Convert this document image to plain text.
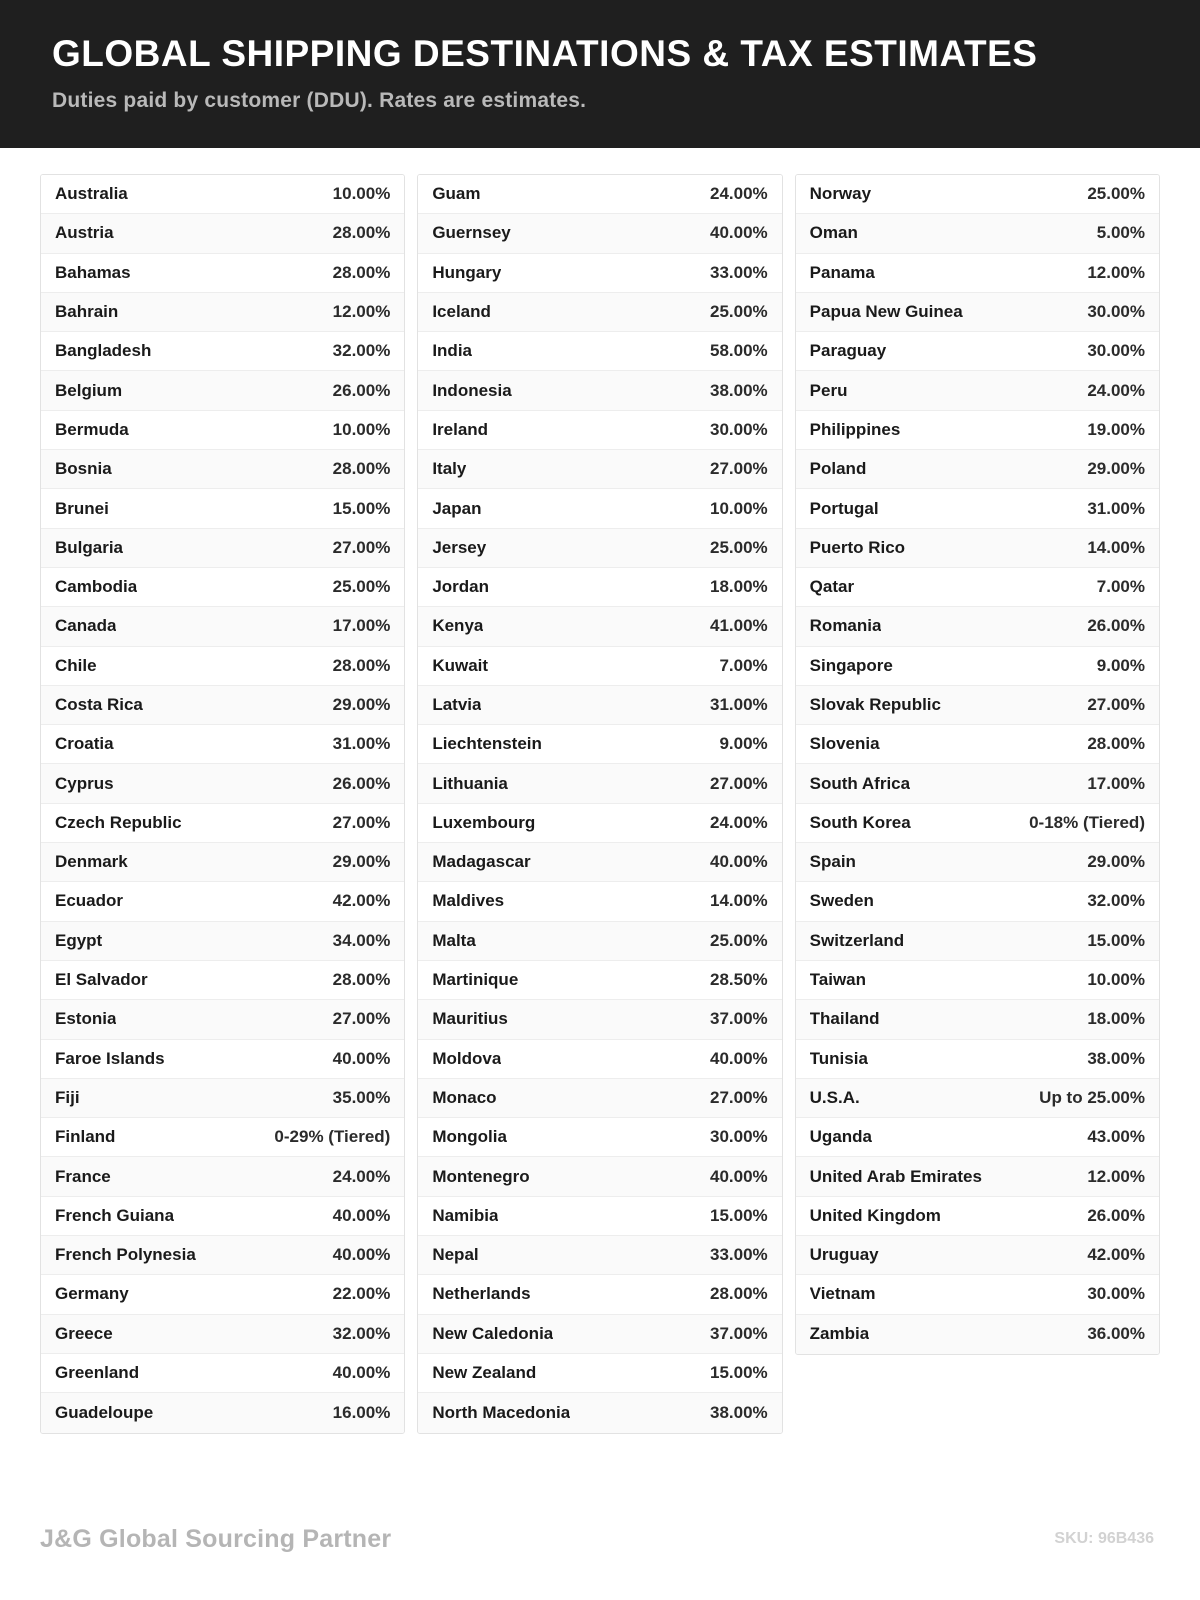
GLOBAL SHIPPING DESTINATIONS & TAX ESTIMATES
Duties paid by customer (DDU). Rates are estimates.
Australia	10.00%
Austria	28.00%
Bahamas	28.00%
Bahrain	12.00%
Bangladesh	32.00%
Belgium	26.00%
Bermuda	10.00%
Bosnia	28.00%
Brunei	15.00%
Bulgaria	27.00%
Cambodia	25.00%
Canada	17.00%
Chile	28.00%
Costa Rica	29.00%
Croatia	31.00%
Cyprus	26.00%
Czech Republic	27.00%
Denmark	29.00%
Ecuador	42.00%
Egypt	34.00%
El Salvador	28.00%
Estonia	27.00%
Faroe Islands	40.00%
Fiji	35.00%
Finland	0-29% (Tiered)
France	24.00%
French Guiana	40.00%
French Polynesia	40.00%
Germany	22.00%
Greece	32.00%
Greenland	40.00%
Guadeloupe	16.00%
Guam	24.00%
Guernsey	40.00%
Hungary	33.00%
Iceland	25.00%
India	58.00%
Indonesia	38.00%
Ireland	30.00%
Italy	27.00%
Japan	10.00%
Jersey	25.00%
Jordan	18.00%
Kenya	41.00%
Kuwait	7.00%
Latvia	31.00%
Liechtenstein	9.00%
Lithuania	27.00%
Luxembourg	24.00%
Madagascar	40.00%
Maldives	14.00%
Malta	25.00%
Martinique	28.50%
Mauritius	37.00%
Moldova	40.00%
Monaco	27.00%
Mongolia	30.00%
Montenegro	40.00%
Namibia	15.00%
Nepal	33.00%
Netherlands	28.00%
New Caledonia	37.00%
New Zealand	15.00%
North Macedonia	38.00%
Norway	25.00%
Oman	5.00%
Panama	12.00%
Papua New Guinea	30.00%
Paraguay	30.00%
Peru	24.00%
Philippines	19.00%
Poland	29.00%
Portugal	31.00%
Puerto Rico	14.00%
Qatar	7.00%
Romania	26.00%
Singapore	9.00%
Slovak Republic	27.00%
Slovenia	28.00%
South Africa	17.00%
South Korea	0-18% (Tiered)
Spain	29.00%
Sweden	32.00%
Switzerland	15.00%
Taiwan	10.00%
Thailand	18.00%
Tunisia	38.00%
U.S.A.	Up to 25.00%
Uganda	43.00%
United Arab Emirates	12.00%
United Kingdom	26.00%
Uruguay	42.00%
Vietnam	30.00%
Zambia	36.00%
J&G Global Sourcing Partner	SKU: 96B436
